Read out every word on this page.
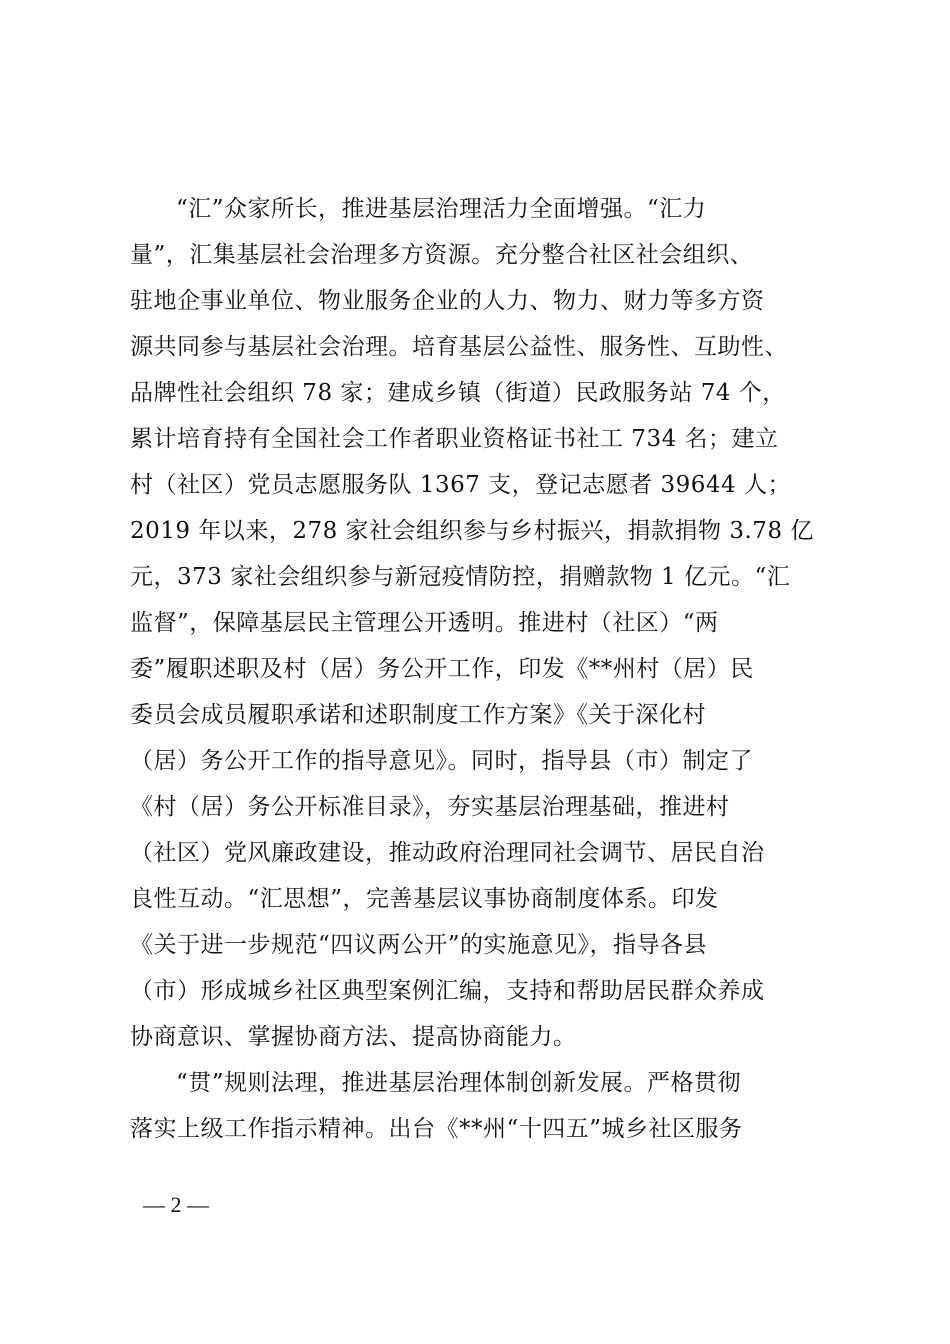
“汇”众家所长，推进基层治理活力全面增强。“汇力
量”，汇集基层社会治理多方资源。充分整合社区社会组织、
驻地企事业单位、物业服务企业的人力、物力、财力等多方资
源共同参与基层社会治理。培育基层公益性、服务性、互助性、
品牌性社会组织 78 家；建成乡镇（街道）民政服务站 74 个，
累计培育持有全国社会工作者职业资格证书社工 734 名；建立
村（社区）党员志愿服务队 1367 支，登记志愿者 39644 人；
2019 年以来，278 家社会组织参与乡村振兴，捐款捐物 3.78 亿
元，373 家社会组织参与新冠疫情防控，捐赠款物 1 亿元。“汇
监督”，保障基层民主管理公开透明。推进村（社区）“两
委”履职述职及村（居）务公开工作，印发《**州村（居）民
委员会成员履职承诺和述职制度工作方案》《关于深化村
（居）务公开工作的指导意见》。同时，指导县（市）制定了
《村（居）务公开标准目录》，夯实基层治理基础，推进村
（社区）党风廉政建设，推动政府治理同社会调节、居民自治
良性互动。“汇思想”，完善基层议事协商制度体系。印发
《关于进一步规范“四议两公开”的实施意见》，指导各县
（市）形成城乡社区典型案例汇编，支持和帮助居民群众养成
协商意识、掌握协商方法、提高协商能力。
“贯”规则法理，推进基层治理体制创新发展。严格贯彻
落实上级工作指示精神。出台《**州“十四五”城乡社区服务
— 2 —
